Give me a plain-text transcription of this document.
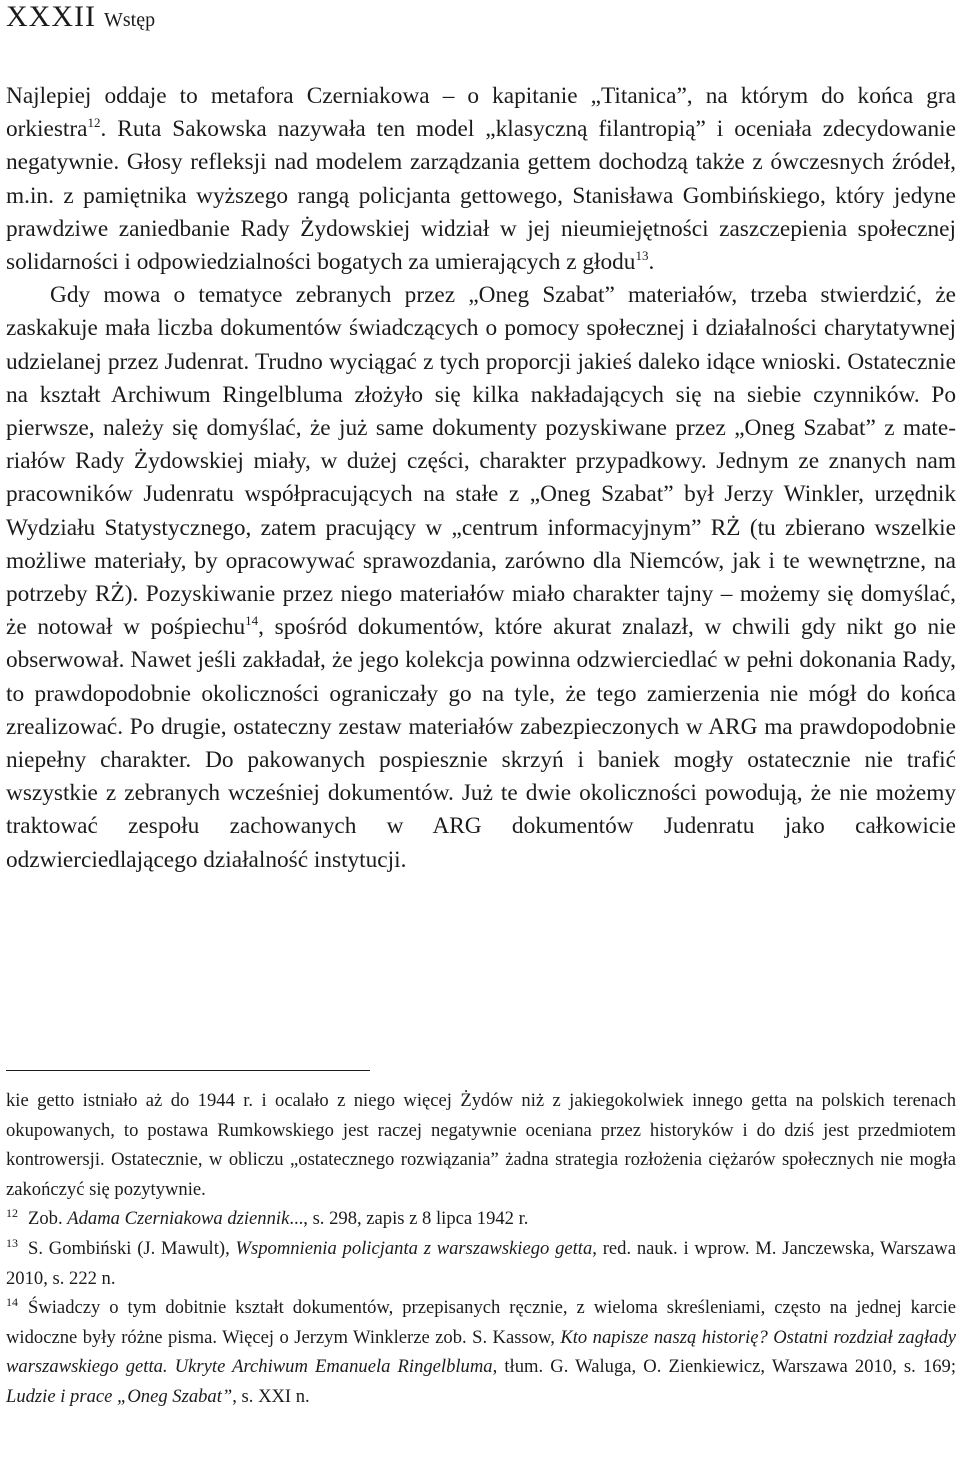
XXXII Wstęp

Najlepiej oddaje to metafora Czerniakowa – o kapitanie „Titanica”, na którym do końca gra orkiestra$^{12}$. Ruta Sakowska nazywała ten model „klasyczną filantropią” i oceniała zdecydowanie negatywnie. Głosy refleksji nad modelem zarządzania gettem dochodzą także z ówczesnych źródeł, m.in. z pamiętnika wyższego rangą policjanta gettowego, Stanisława Gombińskiego, który jedyne prawdziwe zaniedbanie Rady Żydowskiej widział w jej nieumiejętności zaszczepienia społecznej solidarności i odpowiedzialności bogatych za umierających z głodu$^{13}$.

Gdy mowa o tematyce zebranych przez „Oneg Szabat” materiałów, trzeba stwierdzić, że zaskakuje mała liczba dokumentów świadczących o pomocy społecznej i działalności charytatywnej udzielanej przez Judenrat. Trudno wyciągać z tych proporcji jakieś daleko idące wnioski. Ostatecznie na kształt Archiwum Ringelbluma złożyło się kilka nakładających się na siebie czynników. Po pierwsze, należy się domyślać, że już same dokumenty pozyskiwane przez „Oneg Szabat” z materiałów Rady Żydowskiej miały, w dużej części, charakter przypadkowy. Jednym ze znanych nam pracowników Judenratu współpracujących na stałe z „Oneg Szabat” był Jerzy Winkler, urzędnik Wydziału Statystycznego, zatem pracujący w „centrum informacyjnym” RŻ (tu zbierano wszelkie możliwe materiały, by opracowywać sprawozdania, zarówno dla Niemców, jak i te wewnętrzne, na potrzeby RŻ). Pozyskiwanie przez niego materiałów miało charakter tajny – możemy się domyślać, że notował w pośpiechu$^{14}$, spośród dokumentów, które akurat znalazł, w chwili gdy nikt go nie obserwował. Nawet jeśli zakładał, że jego kolekcja powinna odzwierciedlać w pełni dokonania Rady, to prawdopodobnie okoliczności ograniczały go na tyle, że tego zamierzenia nie mógł do końca zrealizować. Po drugie, ostateczny zestaw materiałów zabezpieczonych w ARG ma prawdopodobnie niepełny charakter. Do pakowanych pospiesznie skrzyń i baniek mogły ostatecznie nie trafić wszystkie z zebranych wcześniej dokumentów. Już te dwie okoliczności powodują, że nie możemy traktować zespołu zachowanych w ARG dokumentów Judenratu jako całkowicie odzwierciedlającego działalność instytucji.

kie getto istniało aż do 1944 r. i ocalało z niego więcej Żydów niż z jakiegokolwiek innego getta na polskich terenach okupowanych, to postawa Rumkowskiego jest raczej negatywnie oceniana przez historyków i do dziś jest przedmiotem kontrowersji. Ostatecznie, w obliczu „ostatecznego rozwiązania” żadna strategia rozłożenia ciężarów społecznych nie mogła zakończyć się pozytywnie.

$^{12}$ Zob. Adama Czerniakowa dziennik..., s. 298, zapis z 8 lipca 1942 r.

$^{13}$ S. Gombiński (J. Mawult), Wspomnienia policjanta z warszawskiego getta, red. nauk. i wprow. M. Janczewska, Warszawa 2010, s. 222 n.

$^{14}$ Świadczy o tym dobitnie kształt dokumentów, przepisanych ręcznie, z wieloma skreśleniami, często na jednej karcie widoczne były różne pisma. Więcej o Jerzym Winklerze zob. S. Kassow, Kto napisze naszą historię? Ostatni rozdział zagłady warszawskiego getta. Ukryte Archiwum Emanuela Ringelbluma, tłum. G. Waluga, O. Zienkiewicz, Warszawa 2010, s. 169; Ludzie i prace „Oneg Szabat”, s. XXI n.
